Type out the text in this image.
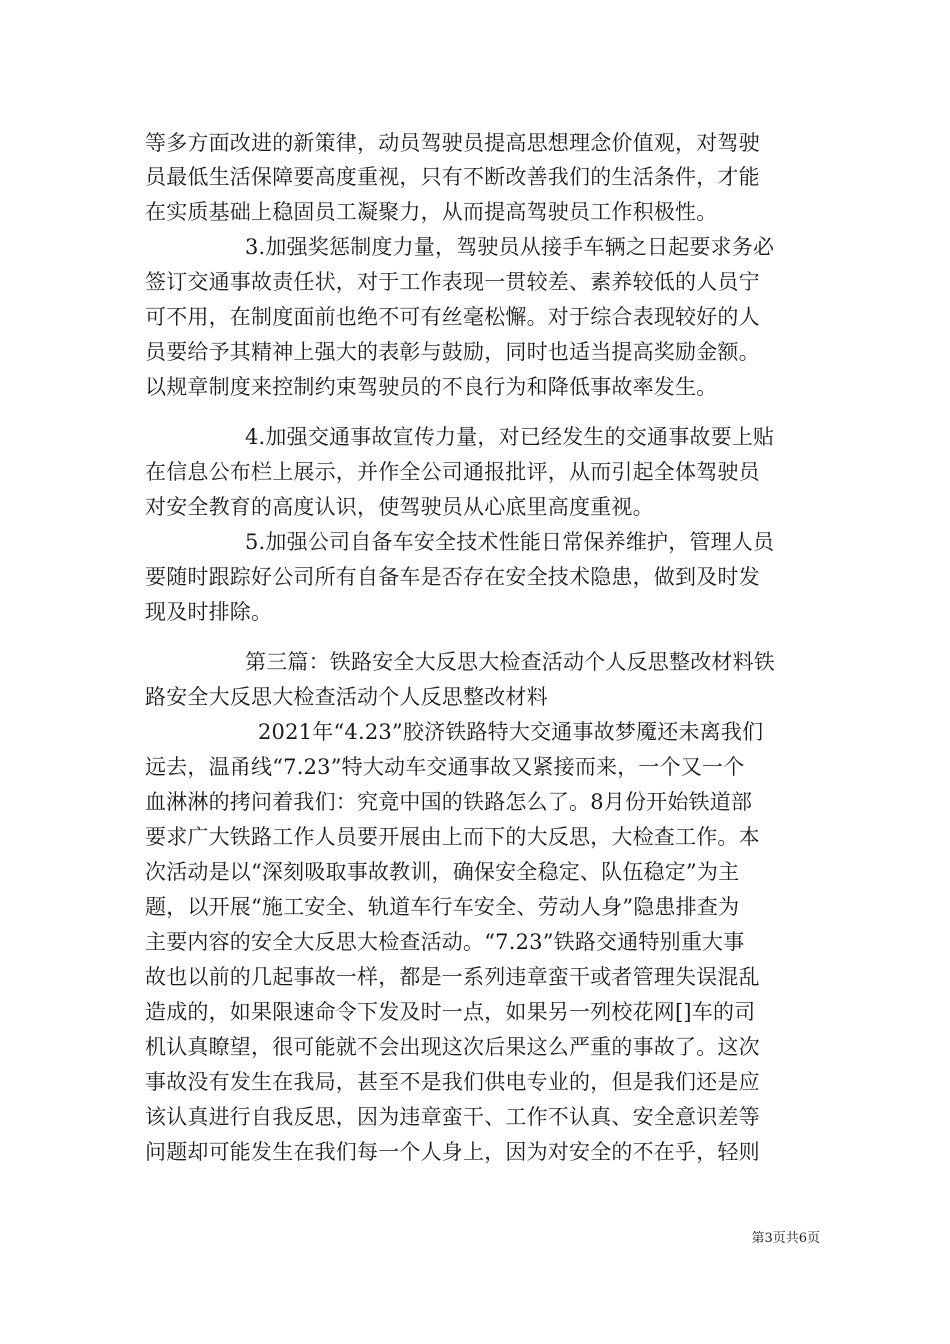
等多方面改进的新策律，动员驾驶员提高思想理念价值观，对驾驶
员最低生活保障要高度重视，只有不断改善我们的生活条件，才能
在实质基础上稳固员工凝聚力，从而提高驾驶员工作积极性。
3.加强奖惩制度力量，驾驶员从接手车辆之日起要求务必
签订交通事故责任状，对于工作表现一贯较差、素养较低的人员宁
可不用，在制度面前也绝不可有丝毫松懈。对于综合表现较好的人
员要给予其精神上强大的表彰与鼓励，同时也适当提高奖励金额。
以规章制度来控制约束驾驶员的不良行为和降低事故率发生。
4.加强交通事故宣传力量，对已经发生的交通事故要上贴
在信息公布栏上展示，并作全公司通报批评，从而引起全体驾驶员
对安全教育的高度认识，使驾驶员从心底里高度重视。
5.加强公司自备车安全技术性能日常保养维护，管理人员
要随时跟踪好公司所有自备车是否存在安全技术隐患，做到及时发
现及时排除。
第三篇：铁路安全大反思大检查活动个人反思整改材料铁
路安全大反思大检查活动个人反思整改材料
2021年“4.23”胶济铁路特大交通事故梦魇还未离我们
远去，温甬线“7.23”特大动车交通事故又紧接而来，一个又一个
血淋淋的拷问着我们：究竟中国的铁路怎么了。8月份开始铁道部
要求广大铁路工作人员要开展由上而下的大反思，大检查工作。本
次活动是以“深刻吸取事故教训，确保安全稳定、队伍稳定”为主
题，以开展“施工安全、轨道车行车安全、劳动人身”隐患排查为
主要内容的安全大反思大检查活动。“7.23”铁路交通特别重大事
故也以前的几起事故一样，都是一系列违章蛮干或者管理失误混乱
造成的，如果限速命令下发及时一点，如果另一列校花网[]车的司
机认真瞭望，很可能就不会出现这次后果这么严重的事故了。这次
事故没有发生在我局，甚至不是我们供电专业的，但是我们还是应
该认真进行自我反思，因为违章蛮干、工作不认真、安全意识差等
问题却可能发生在我们每一个人身上，因为对安全的不在乎，轻则
第3页共6页
